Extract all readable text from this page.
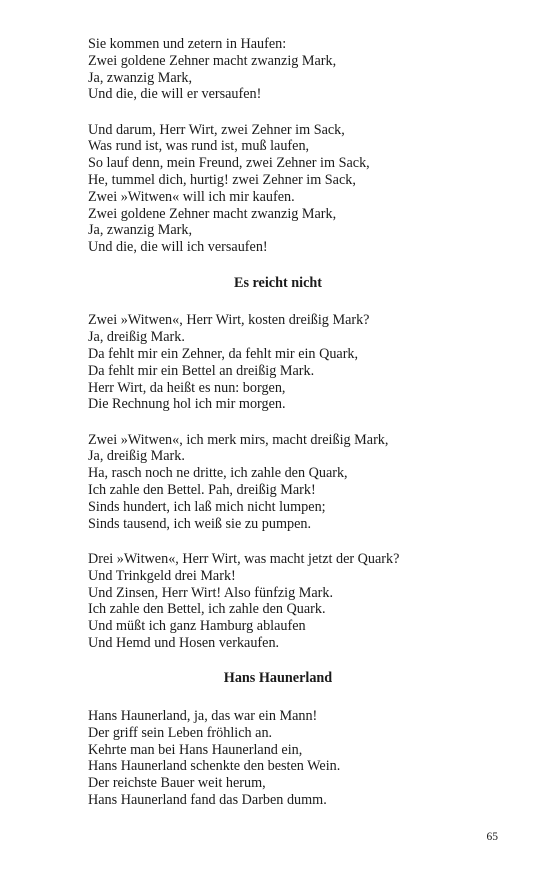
Sie kommen und zetern in Haufen:
Zwei goldene Zehner macht zwanzig Mark,
Ja, zwanzig Mark,
Und die, die will er versaufen!
Und darum, Herr Wirt, zwei Zehner im Sack,
Was rund ist, was rund ist, muß laufen,
So lauf denn, mein Freund, zwei Zehner im Sack,
He, tummel dich, hurtig! zwei Zehner im Sack,
Zwei »Witwen« will ich mir kaufen.
Zwei goldene Zehner macht zwanzig Mark,
Ja, zwanzig Mark,
Und die, die will ich versaufen!
Es reicht nicht
Zwei »Witwen«, Herr Wirt, kosten dreißig Mark?
Ja, dreißig Mark.
Da fehlt mir ein Zehner, da fehlt mir ein Quark,
Da fehlt mir ein Bettel an dreißig Mark.
Herr Wirt, da heißt es nun: borgen,
Die Rechnung hol ich mir morgen.
Zwei »Witwen«, ich merk mirs, macht dreißig Mark,
Ja, dreißig Mark.
Ha, rasch noch ne dritte, ich zahle den Quark,
Ich zahle den Bettel. Pah, dreißig Mark!
Sinds hundert, ich laß mich nicht lumpen;
Sinds tausend, ich weiß sie zu pumpen.
Drei »Witwen«, Herr Wirt, was macht jetzt der Quark?
Und Trinkgeld drei Mark!
Und Zinsen, Herr Wirt! Also fünfzig Mark.
Ich zahle den Bettel, ich zahle den Quark.
Und müßt ich ganz Hamburg ablaufen
Und Hemd und Hosen verkaufen.
Hans Haunerland
Hans Haunerland, ja, das war ein Mann!
Der griff sein Leben fröhlich an.
Kehrte man bei Hans Haunerland ein,
Hans Haunerland schenkte den besten Wein.
Der reichste Bauer weit herum,
Hans Haunerland fand das Darben dumm.
65
